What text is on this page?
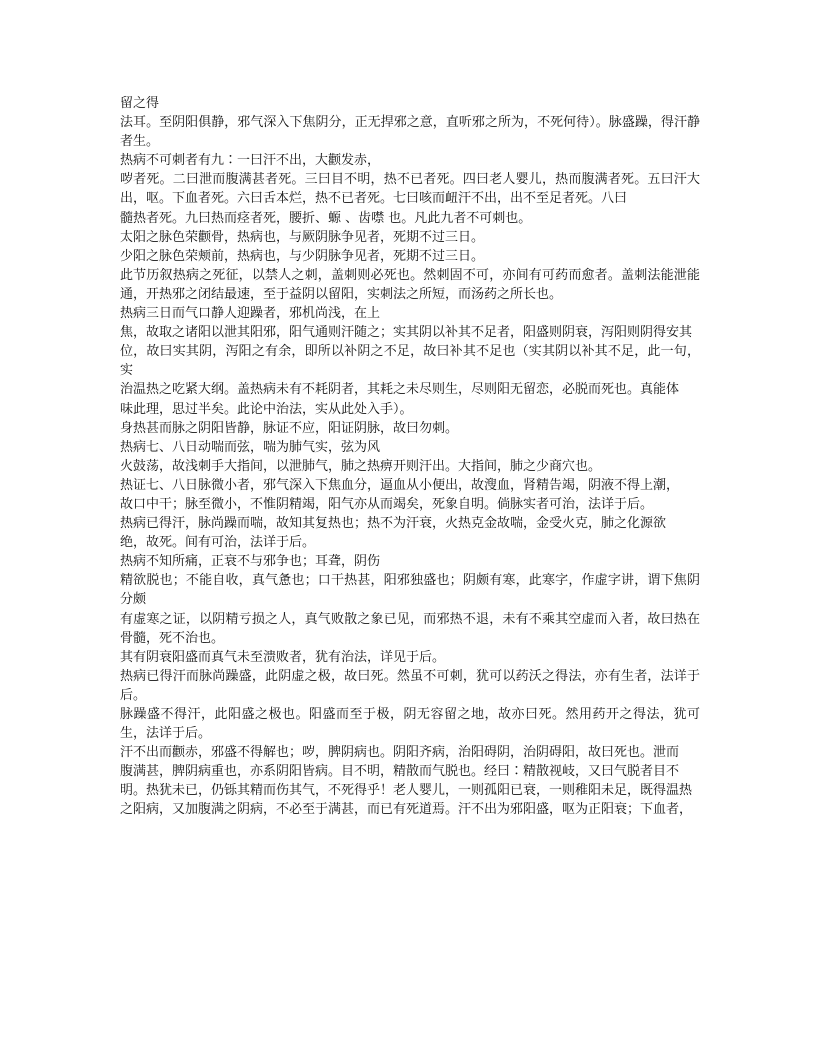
留之得
法耳。至阴阳俱静，邪气深入下焦阴分，正无捍邪之意，直听邪之所为，不死何待）。脉盛躁，得汗静者生。
热病不可刺者有九∶一曰汗不出，大颧发赤，
哕者死。二曰泄而腹满甚者死。三曰目不明，热不已者死。四曰老人婴儿，热而腹满者死。五曰汗大出，呕。下血者死。六曰舌本烂，热不已者死。七曰咳而衄汗不出，出不至足者死。八曰
髓热者死。九曰热而痉者死，腰折、螈 、齿噤 也。凡此九者不可刺也。
太阳之脉色荣颧骨，热病也，与厥阴脉争见者，死期不过三日。
少阳之脉色荣颊前，热病也，与少阴脉争见者，死期不过三日。
此节历叙热病之死征，以禁人之刺，盖刺则必死也。然刺固不可，亦间有可药而愈者。盖刺法能泄能通，开热邪之闭结最速，至于益阴以留阳，实刺法之所短，而汤药之所长也。
热病三日而气口静人迎躁者，邪机尚浅，在上
焦，故取之诸阳以泄其阳邪，阳气通则汗随之；实其阴以补其不足者，阳盛则阴衰，泻阳则阴得安其
位，故曰实其阴，泻阳之有余，即所以补阴之不足，故曰补其不足也（实其阴以补其不足，此一句，实
治温热之吃紧大纲。盖热病未有不耗阴者，其耗之未尽则生，尽则阳无留恋，必脱而死也。真能体
味此理，思过半矣。此论中治法，实从此处入手）。
身热甚而脉之阴阳皆静，脉证不应，阳证阴脉，故曰勿刺。
热病七、八日动喘而弦，喘为肺气实，弦为风
火鼓荡，故浅刺手大指间，以泄肺气，肺之热痹开则汗出。大指间，肺之少商穴也。
热证七、八日脉微小者，邪气深入下焦血分，逼血从小便出，故溲血，肾精告竭，阴液不得上潮，
故口中干；脉至微小，不惟阴精竭，阳气亦从而竭矣，死象自明。倘脉实者可治，法详于后。
热病已得汗，脉尚躁而喘，故知其复热也；热不为汗衰，火热克金故喘，金受火克，肺之化源欲
绝，故死。间有可治，法详于后。
热病不知所痛，正衰不与邪争也；耳聋，阴伤
精欲脱也；不能自收，真气惫也；口干热甚，阳邪独盛也；阴颇有寒，此寒字，作虚字讲，谓下焦阴分颇
有虚寒之证，以阴精亏损之人，真气败散之象已见，而邪热不退，未有不乘其空虚而入者，故曰热在骨髓，死不治也。
其有阴衰阳盛而真气未至溃败者，犹有治法，详见于后。
热病已得汗而脉尚躁盛，此阴虚之极，故曰死。然虽不可刺，犹可以药沃之得法，亦有生者，法详于后。
脉躁盛不得汗，此阳盛之极也。阳盛而至于极，阴无容留之地，故亦曰死。然用药开之得法，犹可生，法详于后。
汗不出而颧赤，邪盛不得解也；哕，脾阴病也。阴阳齐病，治阳碍阴，治阴碍阳，故曰死也。泄而
腹满甚，脾阴病重也，亦系阴阳皆病。目不明，精散而气脱也。经曰∶精散视岐，又曰气脱者目不
明。热犹未已，仍铄其精而伤其气，不死得乎！老人婴儿，一则孤阳已衰，一则稚阳未足，既得温热
之阳病，又加腹满之阴病，不必至于满甚，而已有死道焉。汗不出为邪阳盛，呕为正阳衰；下血者，
